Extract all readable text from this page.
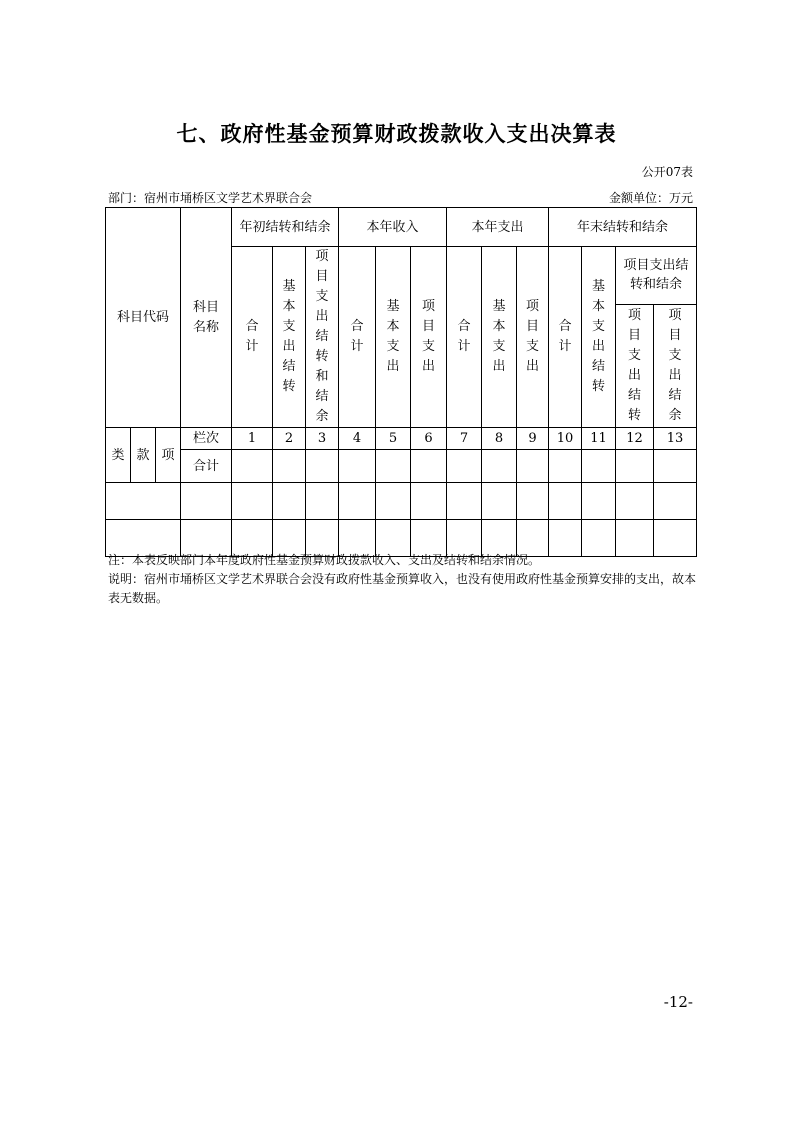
七、政府性基金预算财政拨款收入支出决算表
公开07表
部门：宿州市埇桥区文学艺术界联合会	金额单位：万元
科目代码			科目名称	年初结转和结余			本年收入			本年支出			年末结转和结余			
				合计	基本支出结转	项目支出结转和结余	合计	基本支出	项目支出	合计	基本支出	项目支出	合计	基本支出结转	项目支出结转和结余	
															项目支出结转	项目支出结余

类	款	项	栏次	1	2	3	4	5	6	7	8	9	10	11	12	13
			合计													

注：本表反映部门本年度政府性基金预算财政拨款收入、支出及结转和结余情况。
说明：宿州市埇桥区文学艺术界联合会没有政府性基金预算收入，也没有使用政府性基金预算安排的支出，故本表无数据。
-12-
